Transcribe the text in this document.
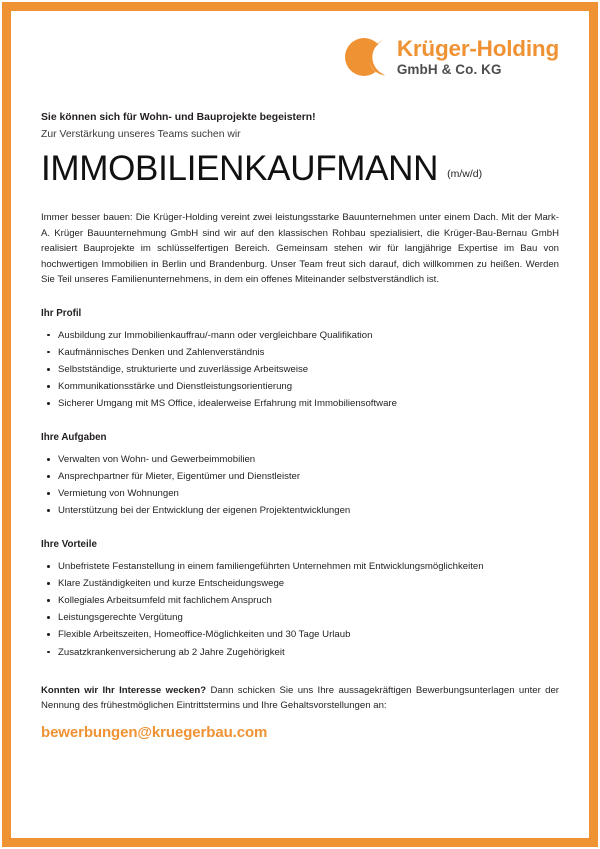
Krüger-Holding
GmbH & Co. KG
Sie können sich für Wohn- und Bauprojekte begeistern!
Zur Verstärkung unseres Teams suchen wir
IMMOBILIENKAUFMANN (m/w/d)
Immer besser bauen: Die Krüger-Holding vereint zwei leistungsstarke Bauunternehmen unter einem Dach. Mit der Mark-A. Krüger Bauunternehmung GmbH sind wir auf den klassischen Rohbau spezialisiert, die Krüger-Bau-Bernau GmbH realisiert Bauprojekte im schlüsselfertigen Bereich. Gemeinsam stehen wir für langjährige Expertise im Bau von hochwertigen Immobilien in Berlin und Brandenburg. Unser Team freut sich darauf, dich willkommen zu heißen. Werden Sie Teil unseres Familienunternehmens, in dem ein offenes Miteinander selbstverständlich ist.
Ihr Profil
Ausbildung zur Immobilienkauffrau/-mann oder vergleichbare Qualifikation
Kaufmännisches Denken und Zahlenverständnis
Selbstständige, strukturierte und zuverlässige Arbeitsweise
Kommunikationsstärke und Dienstleistungsorientierung
Sicherer Umgang mit MS Office, idealerweise Erfahrung mit Immobiliensoftware
Ihre Aufgaben
Verwalten von Wohn- und Gewerbeimmobilien
Ansprechpartner für Mieter, Eigentümer und Dienstleister
Vermietung von Wohnungen
Unterstützung bei der Entwicklung der eigenen Projektentwicklungen
Ihre Vorteile
Unbefristete Festanstellung in einem familiengeführten Unternehmen mit Entwicklungsmöglichkeiten
Klare Zuständigkeiten und kurze Entscheidungswege
Kollegiales Arbeitsumfeld mit fachlichem Anspruch
Leistungsgerechte Vergütung
Flexible Arbeitszeiten, Homeoffice-Möglichkeiten und 30 Tage Urlaub
Zusatzkrankenversicherung ab 2 Jahre Zugehörigkeit
Konnten wir Ihr Interesse wecken? Dann schicken Sie uns Ihre aussagekräftigen Bewerbungsunterlagen unter der Nennung des frühestmöglichen Eintrittstermins und Ihre Gehaltsvorstellungen an:
bewerbungen@kruegerbau.com
